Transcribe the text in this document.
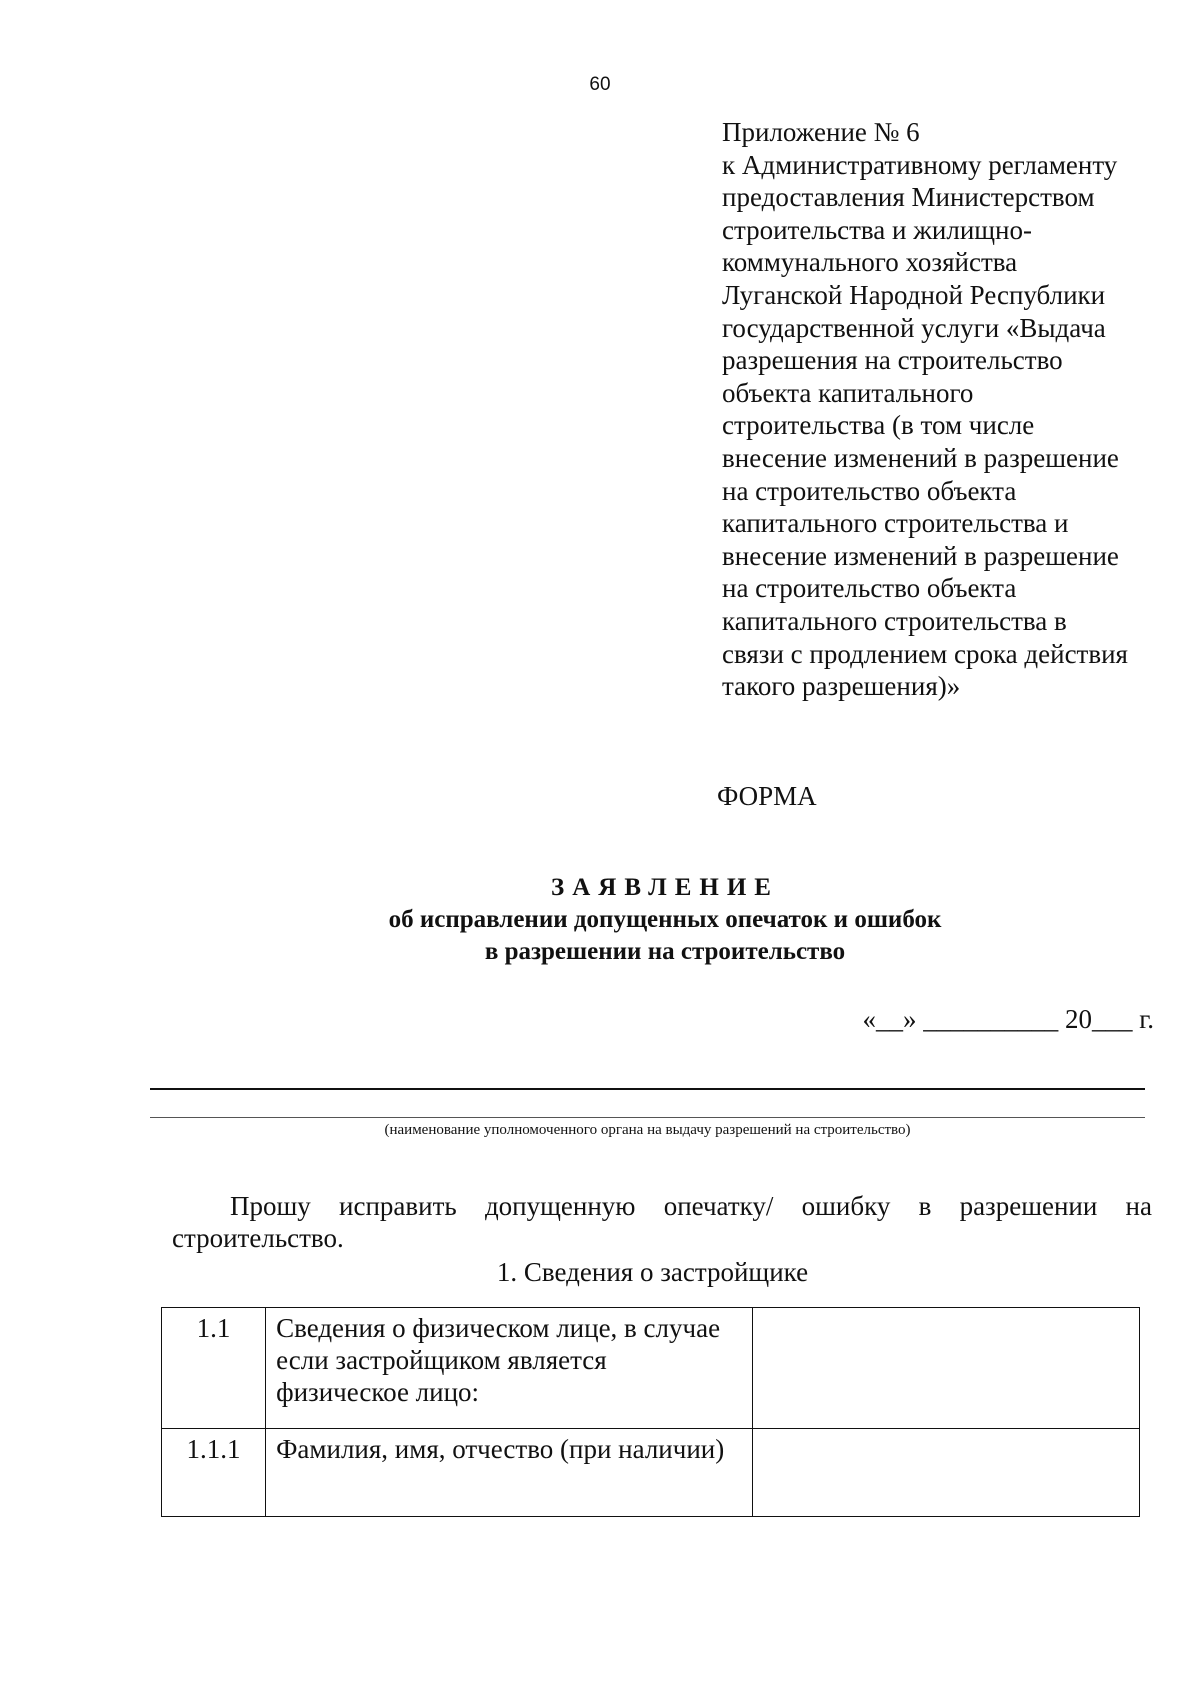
60
Приложение № 6
к Административному регламенту
предоставления Министерством
строительства и жилищно-
коммунального хозяйства
Луганской Народной Республики
государственной услуги «Выдача
разрешения на строительство
объекта капитального
строительства (в том числе
внесение изменений в разрешение
на строительство объекта
капитального строительства и
внесение изменений в разрешение
на строительство объекта
капитального строительства в
связи с продлением срока действия
такого разрешения)»
ФОРМА
ЗАЯВЛЕНИЕ
об исправлении допущенных опечаток и ошибок
в разрешении на строительство
«__» __________ 20___ г.
(наименование уполномоченного органа на выдачу разрешений на строительство)
Прошу исправить допущенную опечатку/ ошибку в разрешении на
строительство.
1. Сведения о застройщике
1.1	Сведения о физическом лице, в случае если застройщиком является физическое лицо:	
1.1.1	Фамилия, имя, отчество (при наличии)	
